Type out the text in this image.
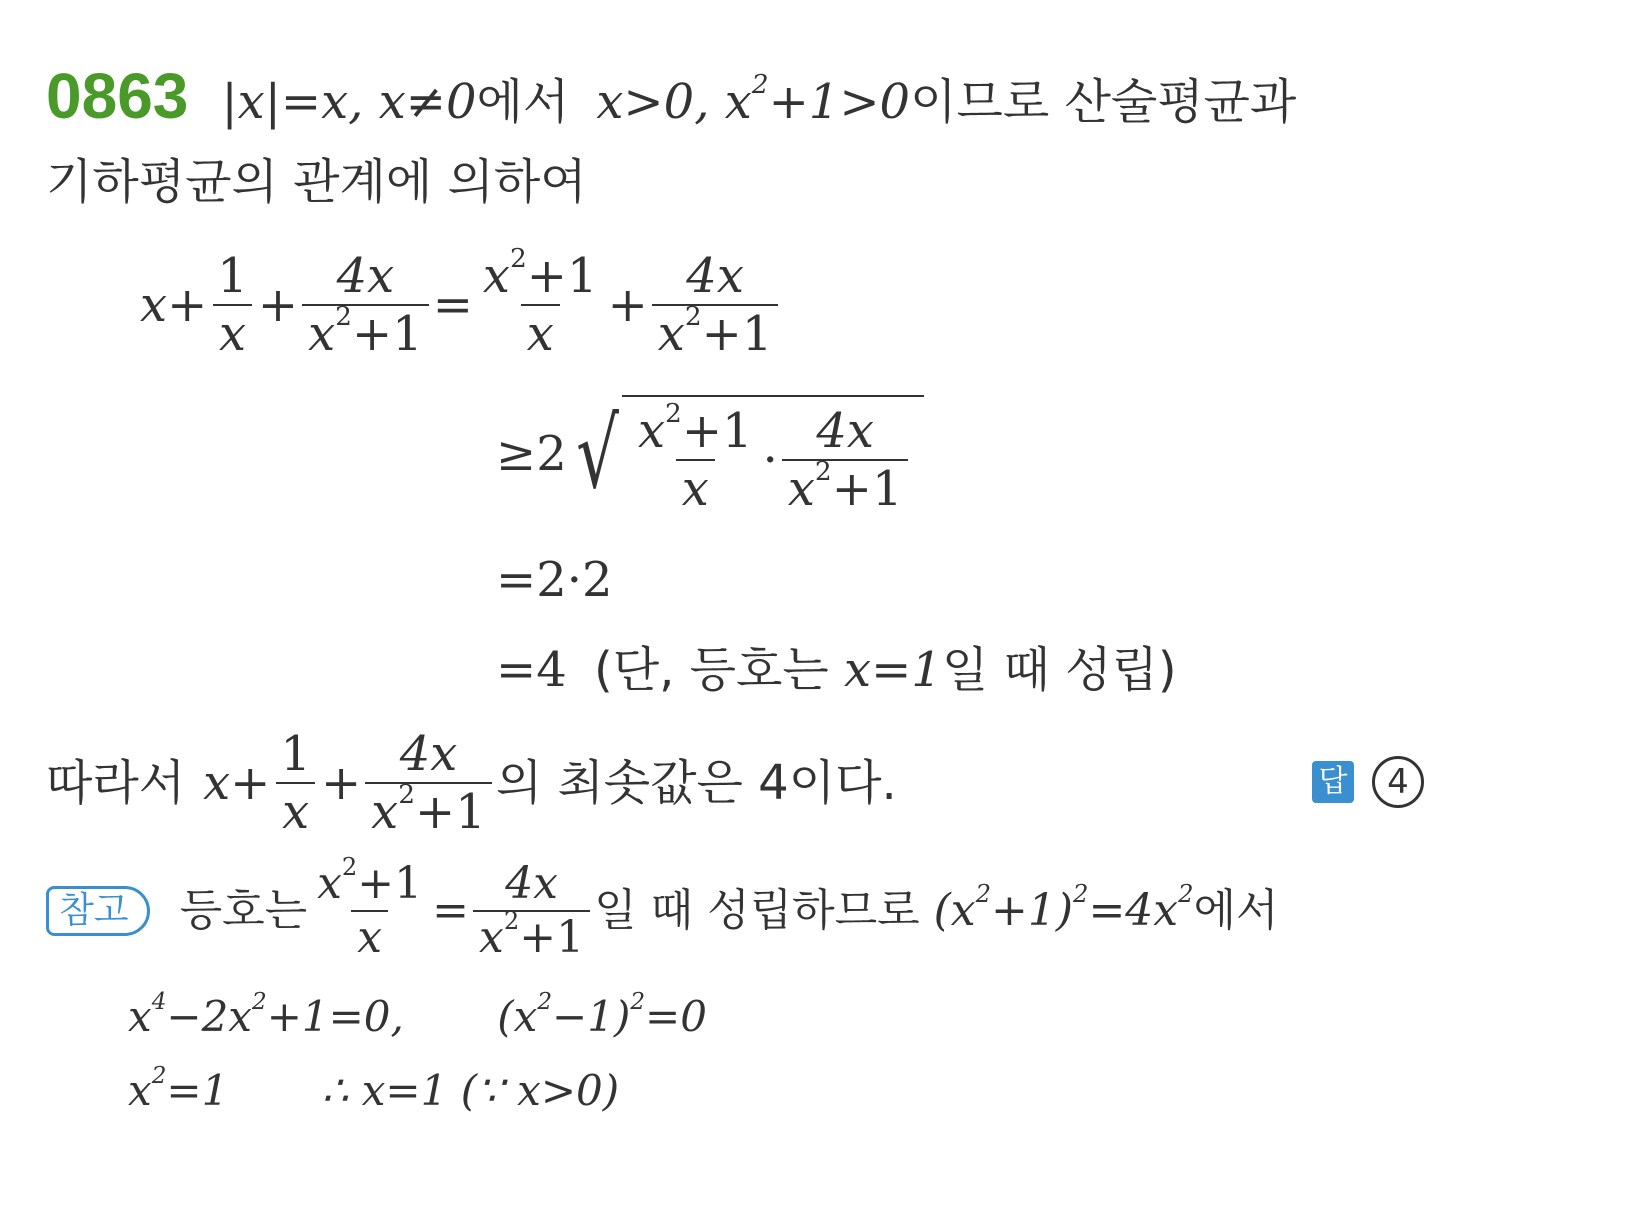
0863 |x|=x, x≠0에서 x>0, $x^2+1>0$이므로 산술평균과
기하평균의 관계에 의하여
$x+ \frac{1}{x} + \frac{4x}{x^2+1} = \frac{x^2+1}{x} + \frac{4x}{x^2+1}$
≥2 √ $\frac{x^2+1}{x} \cdot \frac{4x}{x^2+1}$
=2·2
=4 (단, 등호는 x=1일 때 성립)
따라서 $x+ \frac{1}{x} + \frac{4x}{x^2+1}$ 의 최솟값은 4이다.	답	4
참고	등호는 $\frac{x^2+1}{x} = \frac{4x}{x^2+1}$ 일 때 성립하므로 $(x^2+1)^2=4x^2$ 에서
$x^4-2x^2+1=0$, $(x^2-1)^2=0$
$x^2=1$ ∴ x=1 (∵ x>0)
